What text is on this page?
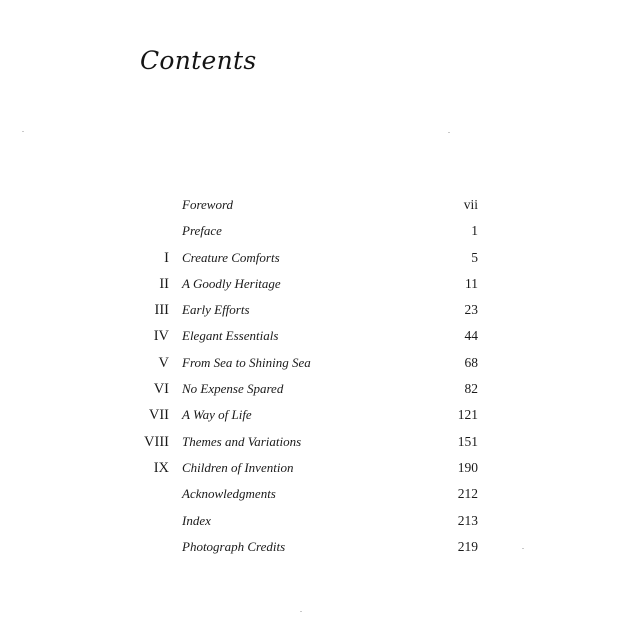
Contents
Foreword	vii
Preface	1
I Creature Comforts	5
II A Goodly Heritage	11
III Early Efforts	23
IV Elegant Essentials	44
V From Sea to Shining Sea	68
VI No Expense Spared	82
VII A Way of Life	121
VIII Themes and Variations	151
IX Children of Invention	190
Acknowledgments	212
Index	213
Photograph Credits	219
